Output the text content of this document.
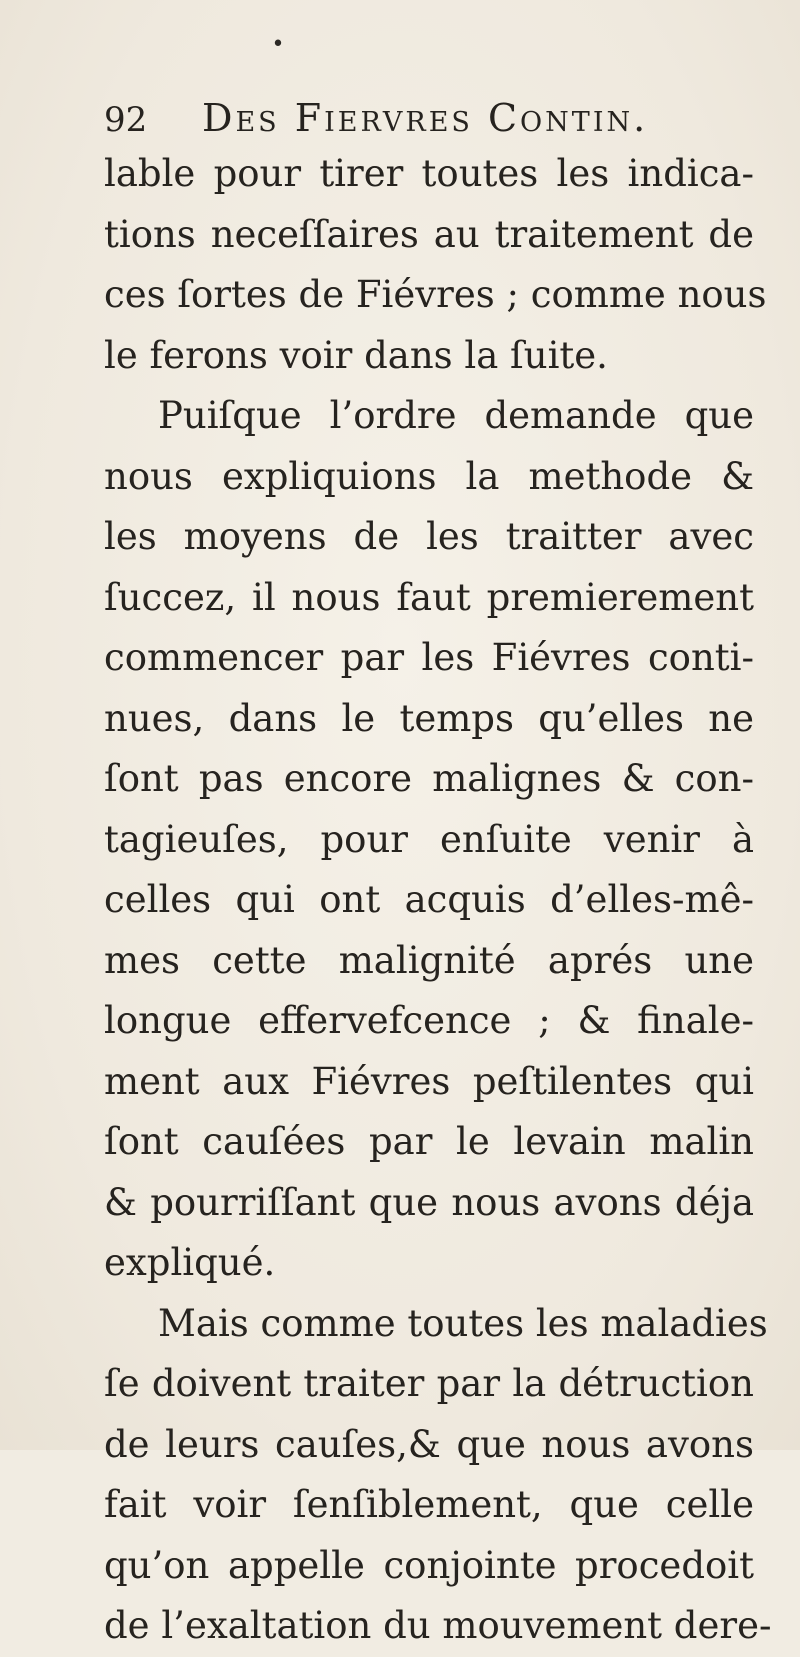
•
92 Des Fiervres Contin.
lable pour tirer toutes les indica-
tions neceſſaires au traitement de
ces ſortes de Fiévres ; comme nous
le ferons voir dans la ſuite.
Puiſque l’ordre demande que
nous expliquions la methode &
les moyens de les traitter avec
ſuccez, il nous faut premierement
commencer par les Fiévres conti-
nues, dans le temps qu’elles ne
ſont pas encore malignes & con-
tagieuſes, pour enſuite venir à
celles qui ont acquis d’elles-mê-
mes cette malignité aprés une
longue effervefcence ; & finale-
ment aux Fiévres peſtilentes qui
ſont cauſées par le levain malin
& pourriſſant que nous avons déja
expliqué.
Mais comme toutes les maladies
ſe doivent traiter par la détruction
de leurs cauſes,& que nous avons
fait voir ſenſiblement, que celle
qu’on appelle conjointe procedoit
de l’exaltation du mouvement dere-
